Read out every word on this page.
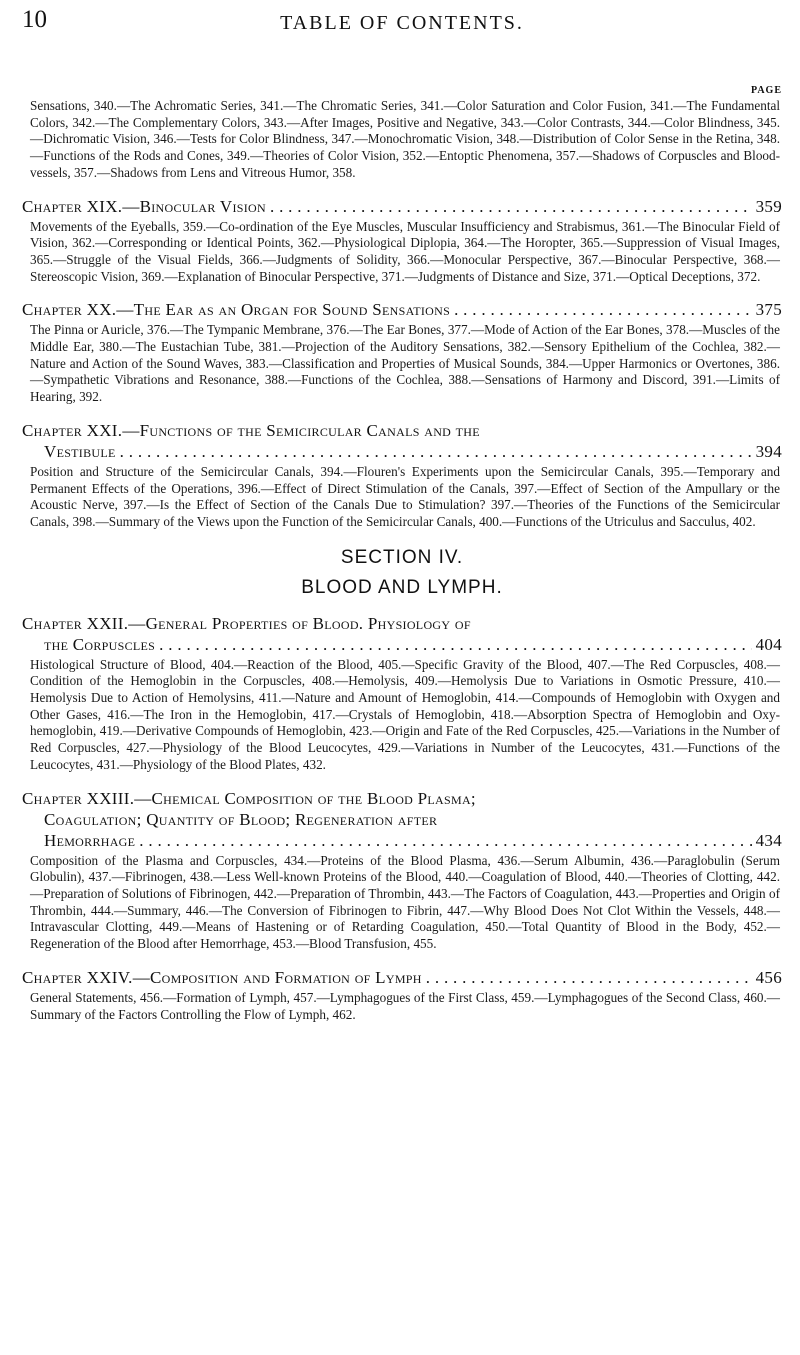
10	TABLE OF CONTENTS.
PAGE

Sensations, 340.—The Achromatic Series, 341.—The Chromatic Series, 341.—Color Saturation and Color Fusion, 341.—The Fundamental Colors, 342.—The Complementary Colors, 343.—After Images, Positive and Negative, 343.—Color Contrasts, 344.—Color Blindness, 345.—Dichromatic Vision, 346.—Tests for Color Blindness, 347.—Monochromatic Vision, 348.—Distribution of Color Sense in the Retina, 348.—Functions of the Rods and Cones, 349.—Theories of Color Vision, 352.—Entoptic Phenomena, 357.—Shadows of Corpuscles and Blood-vessels, 357.—Shadows from Lens and Vitreous Humor, 358.

Chapter XIX.—Binocular Vision . . .	359

Movements of the Eyeballs, 359.—Co-ordination of the Eye Muscles, Muscular Insufficiency and Strabismus, 361.—The Binocular Field of Vision, 362.—Corresponding or Identical Points, 362.—Physiological Diplopia, 364.—The Horopter, 365.—Suppression of Visual Images, 365.—Struggle of the Visual Fields, 366.—Judgments of Solidity, 366.—Monocular Perspective, 367.—Binocular Perspective, 368.—Stereoscopic Vision, 369.—Explanation of Binocular Perspective, 371.—Judgments of Distance and Size, 371.—Optical Deceptions, 372.

Chapter XX.—The Ear as an Organ for Sound Sensations . . .	375

The Pinna or Auricle, 376.—The Tympanic Membrane, 376.—The Ear Bones, 377.—Mode of Action of the Ear Bones, 378.—Muscles of the Middle Ear, 380.—The Eustachian Tube, 381.—Projection of the Auditory Sensations, 382.—Sensory Epithelium of the Cochlea, 382.—Nature and Action of the Sound Waves, 383.—Classification and Properties of Musical Sounds, 384.—Upper Harmonics or Overtones, 386.—Sympathetic Vibrations and Resonance, 388.—Functions of the Cochlea, 388.—Sensations of Harmony and Discord, 391.—Limits of Hearing, 392.

Chapter XXI.—Functions of the Semicircular Canals and the
Vestibule . . .	394

Position and Structure of the Semicircular Canals, 394.—Flouren's Experiments upon the Semicircular Canals, 395.—Temporary and Permanent Effects of the Operations, 396.—Effect of Direct Stimulation of the Canals, 397.—Effect of Section of the Ampullary or the Acoustic Nerve, 397.—Is the Effect of Section of the Canals Due to Stimulation? 397.—Theories of the Functions of the Semicircular Canals, 398.—Summary of the Views upon the Function of the Semicircular Canals, 400.—Functions of the Utriculus and Sacculus, 402.

SECTION IV.
BLOOD AND LYMPH.
Chapter XXII.—General Properties of Blood. Physiology of
the Corpuscles . . .	404

Histological Structure of Blood, 404.—Reaction of the Blood, 405.—Specific Gravity of the Blood, 407.—The Red Corpuscles, 408.—Condition of the Hemoglobin in the Corpuscles, 408.—Hemolysis, 409.—Hemolysis Due to Variations in Osmotic Pressure, 410.—Hemolysis Due to Action of Hemolysins, 411.—Nature and Amount of Hemoglobin, 414.—Compounds of Hemoglobin with Oxygen and Other Gases, 416.—The Iron in the Hemoglobin, 417.—Crystals of Hemoglobin, 418.—Absorption Spectra of Hemoglobin and Oxy-hemoglobin, 419.—Derivative Compounds of Hemoglobin, 423.—Origin and Fate of the Red Corpuscles, 425.—Variations in the Number of Red Corpuscles, 427.—Physiology of the Blood Leucocytes, 429.—Variations in Number of the Leucocytes, 431.—Functions of the Leucocytes, 431.—Physiology of the Blood Plates, 432.

Chapter XXIII.—Chemical Composition of the Blood Plasma;
Coagulation; Quantity of Blood; Regeneration after
Hemorrhage . . .	434

Composition of the Plasma and Corpuscles, 434.—Proteins of the Blood Plasma, 436.—Serum Albumin, 436.—Paraglobulin (Serum Globulin), 437.—Fibrinogen, 438.—Less Well-known Proteins of the Blood, 440.—Coagulation of Blood, 440.—Theories of Clotting, 442.—Preparation of Solutions of Fibrinogen, 442.—Preparation of Thrombin, 443.—The Factors of Coagulation, 443.—Properties and Origin of Thrombin, 444.—Summary, 446.—The Conversion of Fibrinogen to Fibrin, 447.—Why Blood Does Not Clot Within the Vessels, 448.—Intravascular Clotting, 449.—Means of Hastening or of Retarding Coagulation, 450.—Total Quantity of Blood in the Body, 452.—Regeneration of the Blood after Hemorrhage, 453.—Blood Transfusion, 455.

Chapter XXIV.—Composition and Formation of Lymph . . .	456

General Statements, 456.—Formation of Lymph, 457.—Lymphagogues of the First Class, 459.—Lymphagogues of the Second Class, 460.—Summary of the Factors Controlling the Flow of Lymph, 462.
